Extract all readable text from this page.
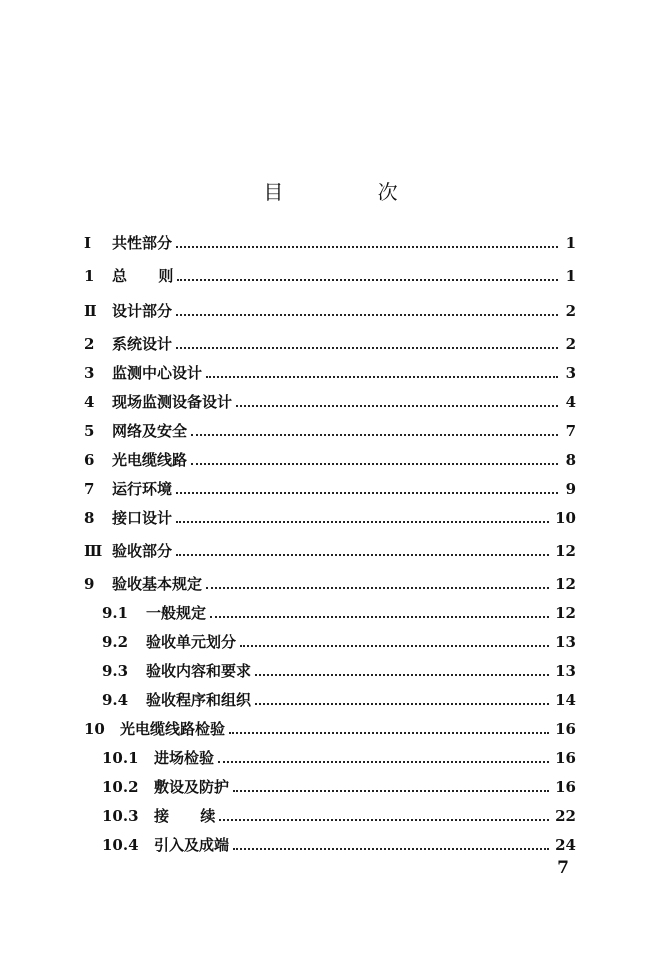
目 次
Ⅰ	共性部分	1
1	总      则	1
Ⅱ	设计部分	2
2	系统设计	2
3	监测中心设计	3
4	现场监测设备设计	4
5	网络及安全	7
6	光电缆线路	8
7	运行环境	9
8	接口设计	10
Ⅲ 验收部分	12
9	验收基本规定	12
9.1	一般规定	12
9.2	验收单元划分	13
9.3	验收内容和要求	13
9.4	验收程序和组织	14
10	光电缆线路检验	16
10.1	进场检验	16
10.2	敷设及防护	16
10.3	接      续	22
10.4	引入及成端	24
7
